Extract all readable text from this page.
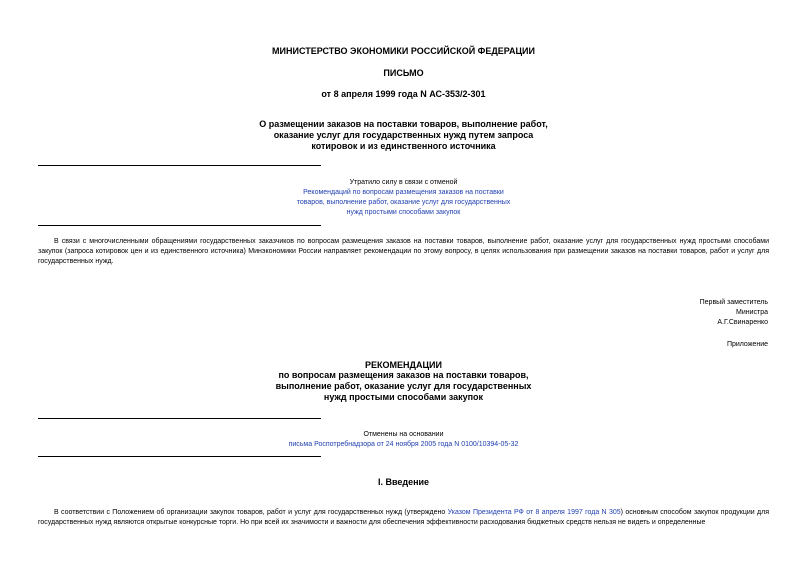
МИНИСТЕРСТВО ЭКОНОМИКИ РОССИЙСКОЙ ФЕДЕРАЦИИ
ПИСЬМО
от 8 апреля 1999 года N АС-353/2-301
О размещении заказов на поставки товаров, выполнение работ,
оказание услуг для государственных нужд путем запроса
котировок и из единственного источника
Утратило силу в связи с отменой
Рекомендаций по вопросам размещения заказов на поставки
товаров, выполнение работ, оказание услуг для государственных
нужд простыми способами закупок
В связи с многочисленными обращениями государственных заказчиков по вопросам размещения заказов на поставки товаров, выполнение работ, оказание услуг для государственных нужд простыми способами закупок (запроса котировок цен и из единственного источника) Минэкономики России направляет рекомендации по этому вопросу, в целях использования при размещении заказов на поставки товаров, работ и услуг для государственных нужд.
Первый заместитель
Министра
А.Г.Свинаренко
Приложение
РЕКОМЕНДАЦИИ
по вопросам размещения заказов на поставки товаров,
выполнение работ, оказание услуг для государственных
нужд простыми способами закупок
Отменены на основании
письма Роспотребнадзора от 24 ноября 2005 года N 0100/10394-05-32
I. Введение
В соответствии с Положением об организации закупок товаров, работ и услуг для государственных нужд (утверждено Указом Президента РФ от 8 апреля 1997 года N 305) основным способом закупок продукции для государственных нужд являются открытые конкурсные торги. Но при всей их значимости и важности для обеспечения эффективности расходования бюджетных средств нельзя не видеть и определенные
